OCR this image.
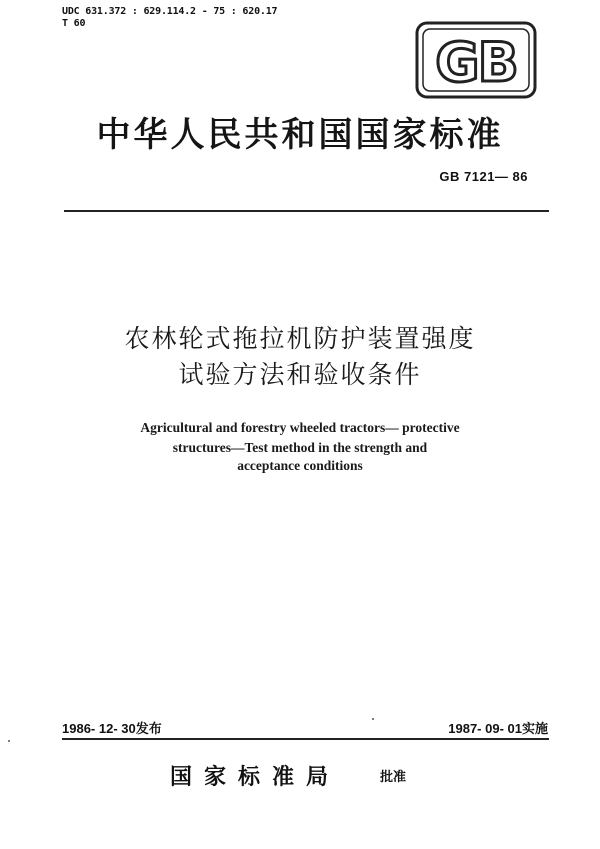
UDC 631.372 : 629.114.2 - 75 : 620.17
T 60
GB
中华人民共和国国家标准
GB 7121— 86
农林轮式拖拉机防护装置强度
试验方法和验收条件
Agricultural and forestry wheeled tractors— protective
structures—Test method in the strength and
acceptance conditions
1986- 12- 30发布	1987- 09- 01实施
国家标准局	批准
